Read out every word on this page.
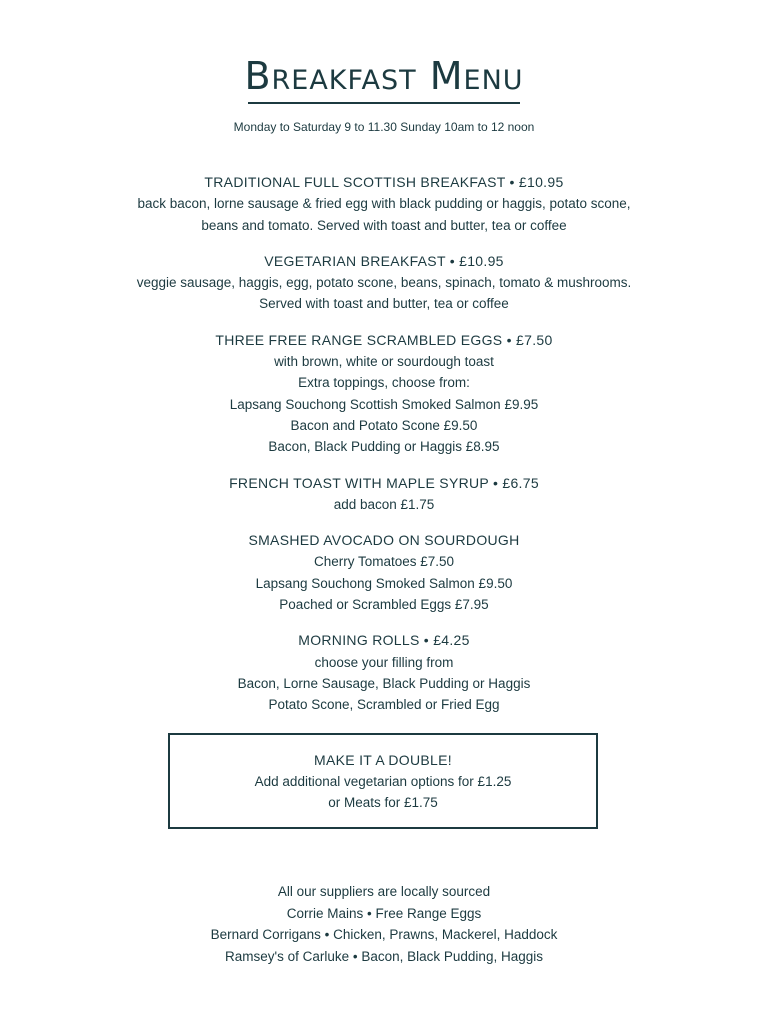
Breakfast Menu
Monday to Saturday 9 to 11.30 Sunday 10am to 12 noon
TRADITIONAL FULL SCOTTISH BREAKFAST • £10.95
back bacon, lorne sausage & fried egg with black pudding or haggis, potato scone,
beans and tomato. Served with toast and butter, tea or coffee
VEGETARIAN BREAKFAST • £10.95
veggie sausage, haggis, egg, potato scone, beans, spinach, tomato & mushrooms.
Served with toast and butter, tea or coffee
THREE FREE RANGE SCRAMBLED EGGS • £7.50
with brown, white or sourdough toast
Extra toppings, choose from:
Lapsang Souchong Scottish Smoked Salmon £9.95
Bacon and Potato Scone £9.50
Bacon, Black Pudding or Haggis £8.95
FRENCH TOAST WITH MAPLE SYRUP • £6.75
add bacon £1.75
SMASHED AVOCADO ON SOURDOUGH
Cherry Tomatoes £7.50
Lapsang Souchong Smoked Salmon £9.50
Poached or Scrambled Eggs £7.95
MORNING ROLLS • £4.25
choose your filling from
Bacon, Lorne Sausage, Black Pudding or Haggis
Potato Scone, Scrambled or Fried Egg
MAKE IT A DOUBLE!
Add additional vegetarian options for £1.25
or Meats for £1.75
All our suppliers are locally sourced
Corrie Mains • Free Range Eggs
Bernard Corrigans • Chicken, Prawns, Mackerel, Haddock
Ramsey's of Carluke • Bacon, Black Pudding, Haggis
